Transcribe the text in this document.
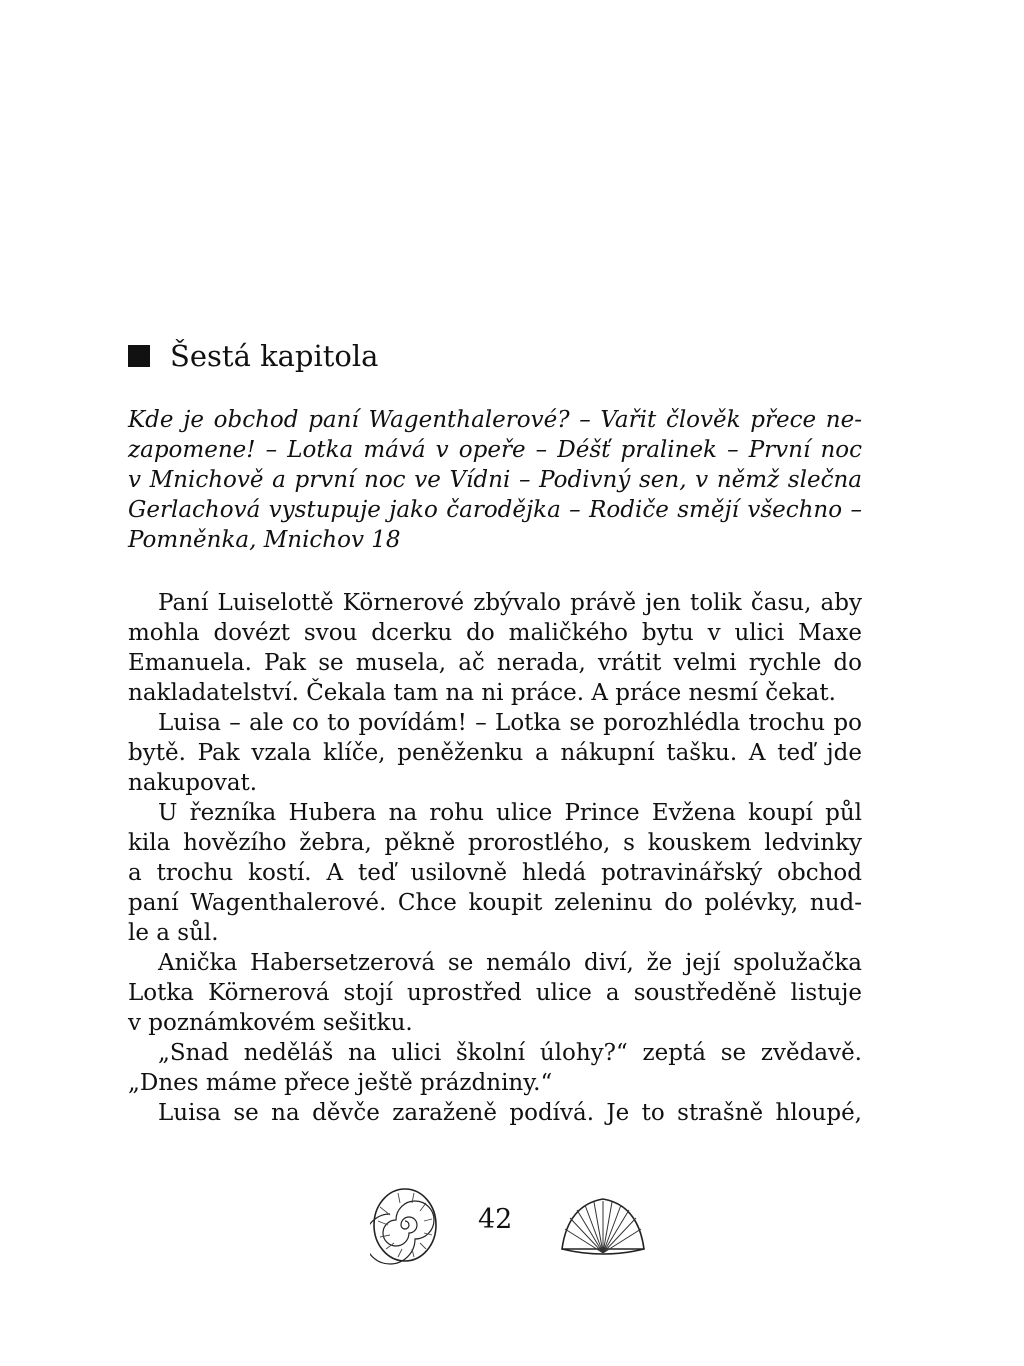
Šestá kapitola
Kde je obchod paní Wagenthalerové? – Vařit člověk přece ne-
zapomene! – Lotka mává v opeře – Déšť pralinek – První noc
v Mnichově a první noc ve Vídni – Podivný sen, v němž slečna
Gerlachová vystupuje jako čarodějka – Rodiče smějí všechno –
Pomněnka, Mnichov 18
Paní Luiselottě Körnerové zbývalo právě jen tolik času, aby
mohla dovézt svou dcerku do maličkého bytu v ulici Maxe
Emanuela. Pak se musela, ač nerada, vrátit velmi rychle do
nakladatelství. Čekala tam na ni práce. A práce nesmí čekat.
Luisa – ale co to povídám! – Lotka se porozhlédla trochu po
bytě. Pak vzala klíče, peněženku a nákupní tašku. A teď jde
nakupovat.
U řezníka Hubera na rohu ulice Prince Evžena koupí půl
kila hovězího žebra, pěkně prorostlého, s kouskem ledvinky
a trochu kostí. A teď usilovně hledá potravinářský obchod
paní Wagenthalerové. Chce koupit zeleninu do polévky, nud-
le a sůl.
Anička Habersetzerová se nemálo diví, že její spolužačka
Lotka Körnerová stojí uprostřed ulice a soustředěně listuje
v poznámkovém sešitku.
„Snad neděláš na ulici školní úlohy?“ zeptá se zvědavě.
„Dnes máme přece ještě prázdniny.“
Luisa se na děvče zaraženě podívá. Je to strašně hloupé,
42
